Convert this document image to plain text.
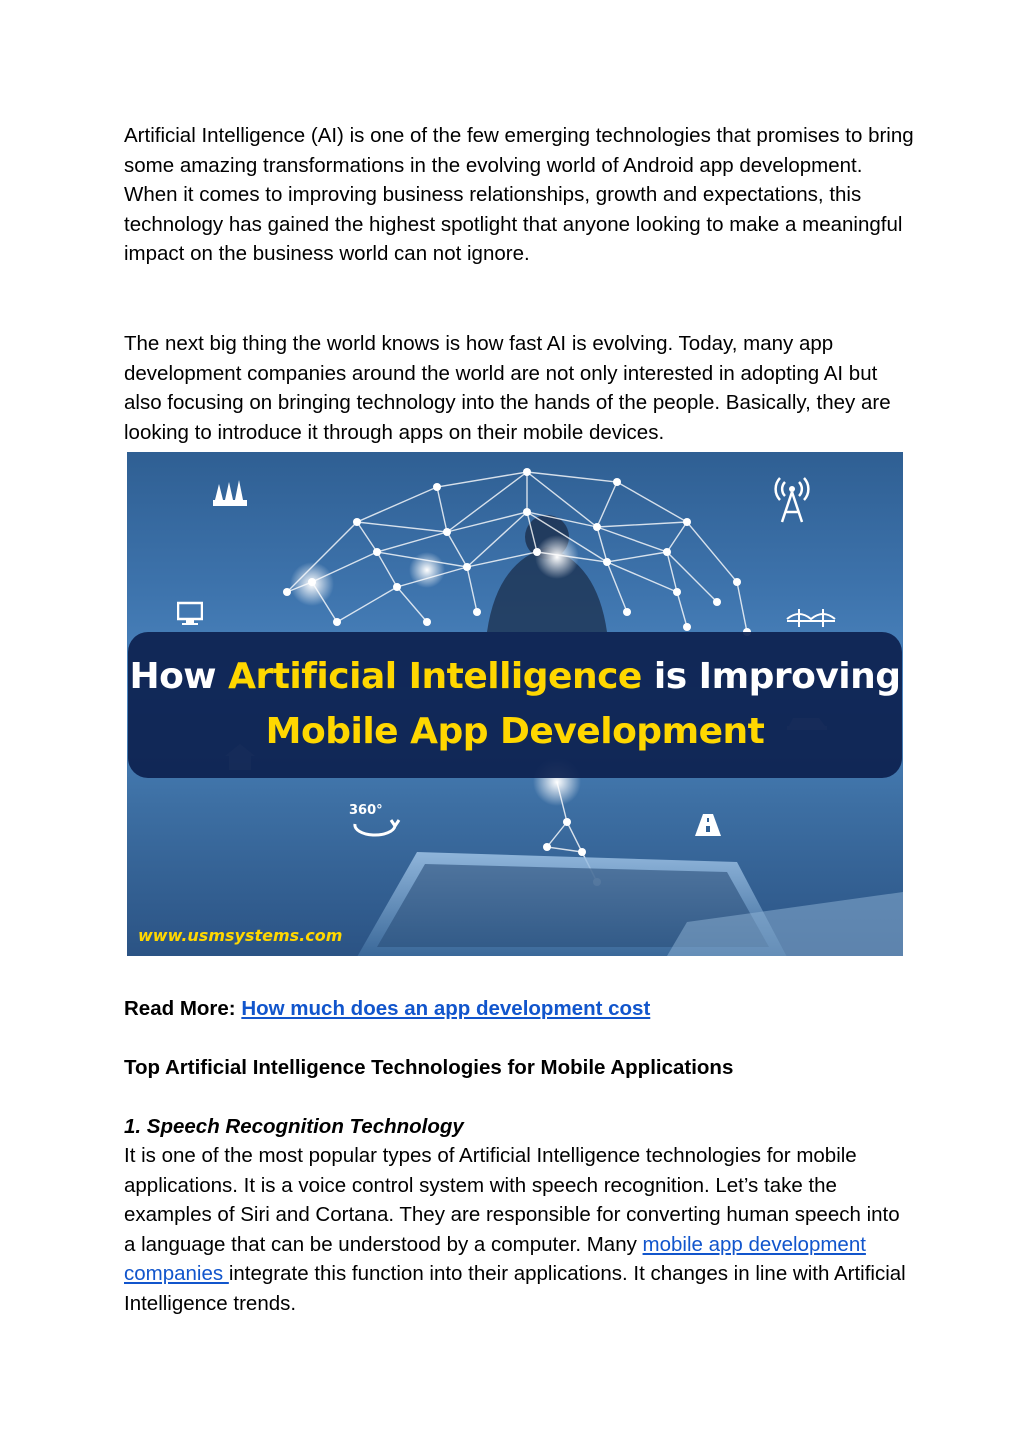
Artificial Intelligence (AI) is one of the few emerging technologies that promises to bring some amazing transformations in the evolving world of Android app development. When it comes to improving business relationships, growth and expectations, this technology has gained the highest spotlight that anyone looking to make a meaningful impact on the business world can not ignore.

The next big thing the world knows is how fast AI is evolving. Today, many app development companies around the world are not only interested in adopting AI but also focusing on bringing technology into the hands of the people. Basically, they are looking to introduce it through apps on their mobile devices.

360°
How Artificial Intelligence is Improving
Mobile App Development
www.usmsystems.com

Read More: How much does an app development cost

Top Artificial Intelligence Technologies for Mobile Applications

1. Speech Recognition Technology

It is one of the most popular types of Artificial Intelligence technologies for mobile applications. It is a voice control system with speech recognition. Let’s take the examples of Siri and Cortana. They are responsible for converting human speech into a language that can be understood by a computer. Many mobile app development companies integrate this function into their applications. It changes in line with Artificial Intelligence trends.
